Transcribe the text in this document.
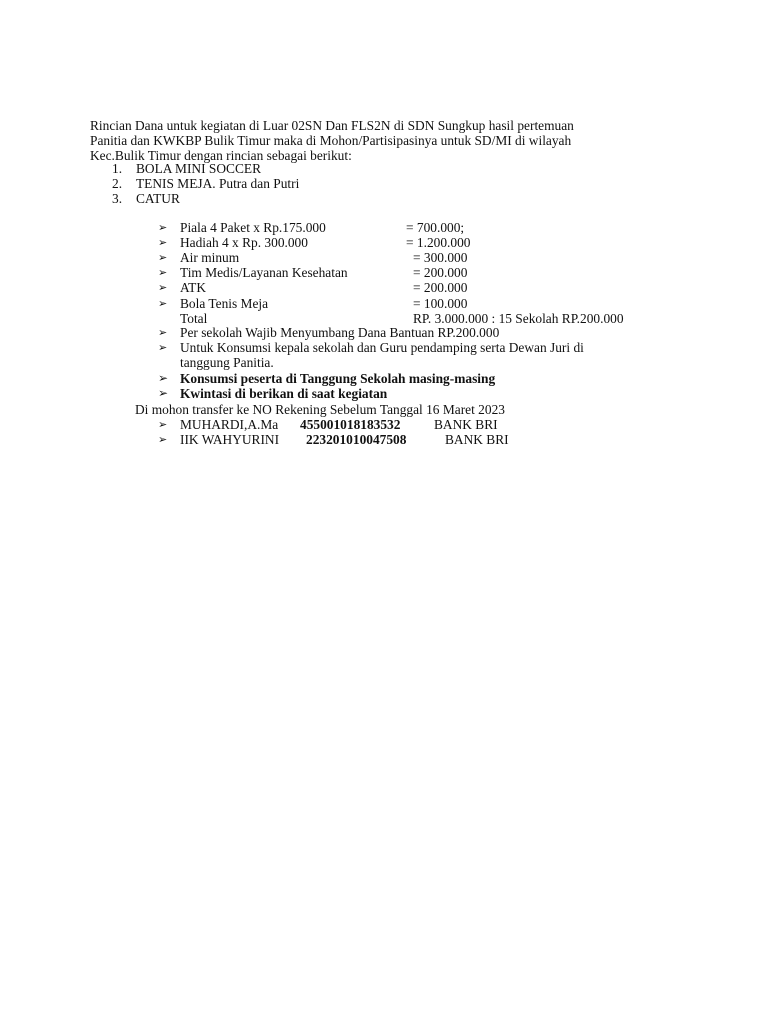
Rincian Dana untuk kegiatan di Luar 02SN Dan FLS2N di SDN Sungkup hasil pertemuan
Panitia dan KWKBP Bulik Timur maka di Mohon/Partisipasinya untuk SD/MI di wilayah
Kec.Bulik Timur dengan rincian sebagai berikut:
1. BOLA MINI SOCCER
2. TENIS MEJA. Putra dan Putri
3. CATUR
➢ Piala 4 Paket x Rp.175.000	= 700.000;
➢ Hadiah 4 x Rp. 300.000	= 1.200.000
➢ Air minum	= 300.000
➢ Tim Medis/Layanan Kesehatan	= 200.000
➢ ATK	= 200.000
➢ Bola Tenis Meja	= 100.000
Total	RP. 3.000.000 : 15 Sekolah RP.200.000
➢ Per sekolah Wajib Menyumbang Dana Bantuan RP.200.000
➢ Untuk Konsumsi kepala sekolah dan Guru pendamping serta Dewan Juri di
tanggung Panitia.
➢ Konsumsi peserta di Tanggung Sekolah masing-masing
➢ Kwintasi di berikan di saat kegiatan
Di mohon transfer ke NO Rekening Sebelum Tanggal 16 Maret 2023
➢ MUHARDI,A.Ma 455001018183532	BANK BRI
➢ IIK WAHYURINI 223201010047508	BANK BRI
